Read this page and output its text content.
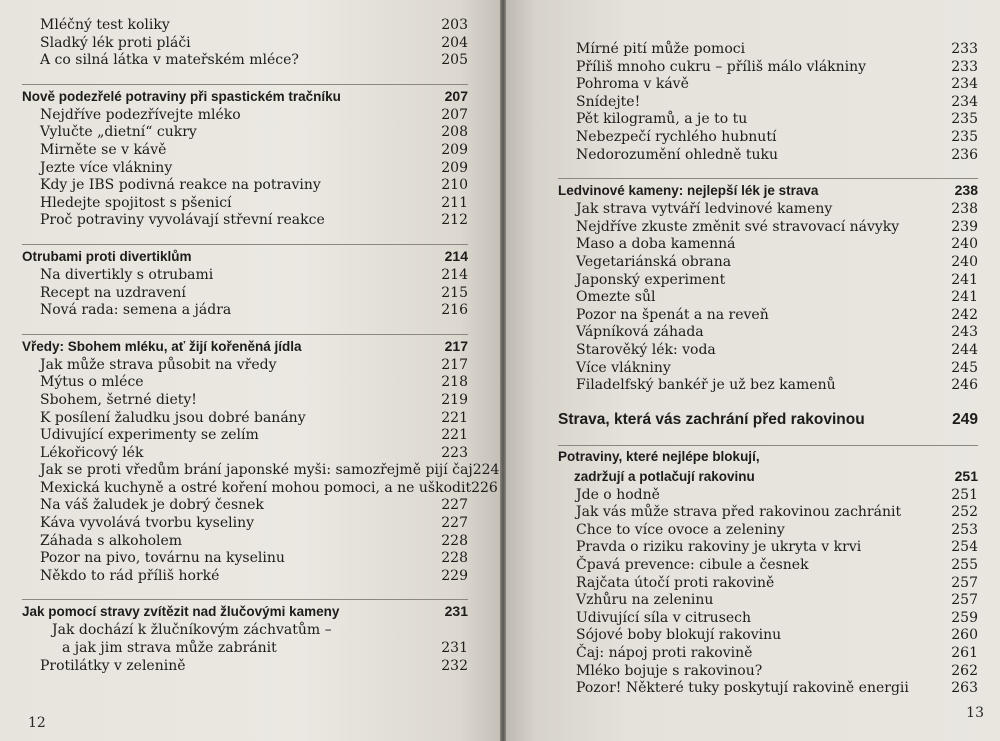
Mléčný test koliky	203
Sladký lék proti pláči	204
A co silná látka v mateřském mléce?	205
Nově podezřelé potraviny při spastickém tračníku	207
Nejdříve podezřívejte mléko	207
Vylučte „dietní“ cukry	208
Mirněte se v kávě	209
Jezte více vlákniny	209
Kdy je IBS podivná reakce na potraviny	210
Hledejte spojitost s pšenicí	211
Proč potraviny vyvolávají střevní reakce	212
Otrubami proti divertiklům	214
Na divertikly s otrubami	214
Recept na uzdravení	215
Nová rada: semena a jádra	216
Vředy: Sbohem mléku, ať žijí kořeněná jídla	217
Jak může strava působit na vředy	217
Mýtus o mléce	218
Sbohem, šetrné diety!	219
K posílení žaludku jsou dobré banány	221
Udivující experimenty se zelím	221
Lékořicový lék	223
Jak se proti vředům brání japonské myši: samozřejmě pijí čaj 224
Mexická kuchyně a ostré koření mohou pomoci, a ne uškodit 226
Na váš žaludek je dobrý česnek	227
Káva vyvolává tvorbu kyseliny	227
Záhada s alkoholem	228
Pozor na pivo, továrnu na kyselinu	228
Někdo to rád příliš horké	229
Jak pomocí stravy zvítězit nad žlučovými kameny	231
Jak dochází k žlučníkovým záchvatům –
a jak jim strava může zabránit	231
Protilátky v zelenině	232
12
Mírné pití může pomoci	233
Příliš mnoho cukru – příliš málo vlákniny	233
Pohroma v kávě	234
Snídejte!	234
Pět kilogramů, a je to tu	235
Nebezpečí rychlého hubnutí	235
Nedorozumění ohledně tuku	236
Ledvinové kameny: nejlepší lék je strava	238
Jak strava vytváří ledvinové kameny	238
Nejdříve zkuste změnit své stravovací návyky	239
Maso a doba kamenná	240
Vegetariánská obrana	240
Japonský experiment	241
Omezte sůl	241
Pozor na špenát a na reveň	242
Vápníková záhada	243
Starověký lék: voda	244
Více vlákniny	245
Filadelfský bankéř je už bez kamenů	246
Strava, která vás zachrání před rakovinou	249
Potraviny, které nejlépe blokují,
zadržují a potlačují rakovinu	251
Jde o hodně	251
Jak vás může strava před rakovinou zachránit	252
Chce to více ovoce a zeleniny	253
Pravda o riziku rakoviny je ukryta v krvi	254
Čpavá prevence: cibule a česnek	255
Rajčata útočí proti rakovině	257
Vzhůru na zeleninu	257
Udivující síla v citrusech	259
Sójové boby blokují rakovinu	260
Čaj: nápoj proti rakovině	261
Mléko bojuje s rakovinou?	262
Pozor! Některé tuky poskytují rakovině energii	263
13
